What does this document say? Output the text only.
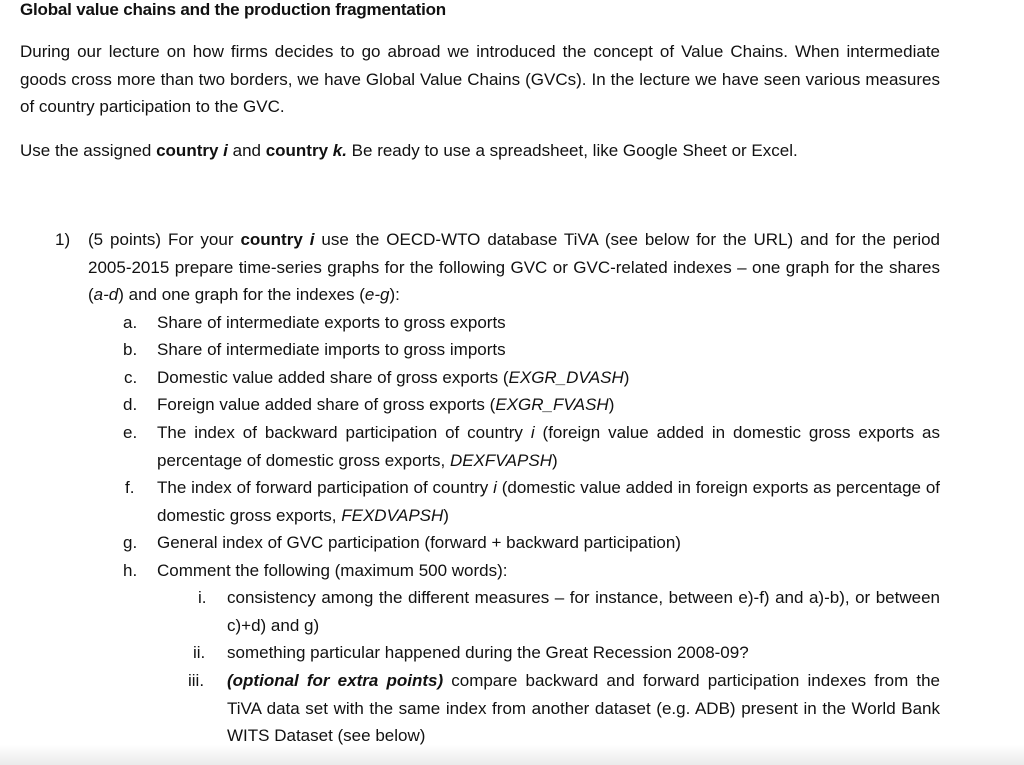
Global value chains and the production fragmentation
During our lecture on how firms decides to go abroad we introduced the concept of Value Chains. When intermediate goods cross more than two borders, we have Global Value Chains (GVCs). In the lecture we have seen various measures of country participation to the GVC.
Use the assigned country i and country k. Be ready to use a spreadsheet, like Google Sheet or Excel.
1) (5 points) For your country i use the OECD-WTO database TiVA (see below for the URL) and for the period 2005-2015 prepare time-series graphs for the following GVC or GVC-related indexes – one graph for the shares (a-d) and one graph for the indexes (e-g):
a. Share of intermediate exports to gross exports
b. Share of intermediate imports to gross imports
c. Domestic value added share of gross exports (EXGR_DVASH)
d. Foreign value added share of gross exports (EXGR_FVASH)
e. The index of backward participation of country i (foreign value added in domestic gross exports as percentage of domestic gross exports, DEXFVAPSH)
f. The index of forward participation of country i (domestic value added in foreign exports as percentage of domestic gross exports, FEXDVAPSH)
g. General index of GVC participation (forward + backward participation)
h. Comment the following (maximum 500 words):
i. consistency among the different measures – for instance, between e)-f) and a)-b), or between c)+d) and g)
ii. something particular happened during the Great Recession 2008-09?
iii. (optional for extra points) compare backward and forward participation indexes from the TiVA data set with the same index from another dataset (e.g. ADB) present in the World Bank WITS Dataset (see below)
